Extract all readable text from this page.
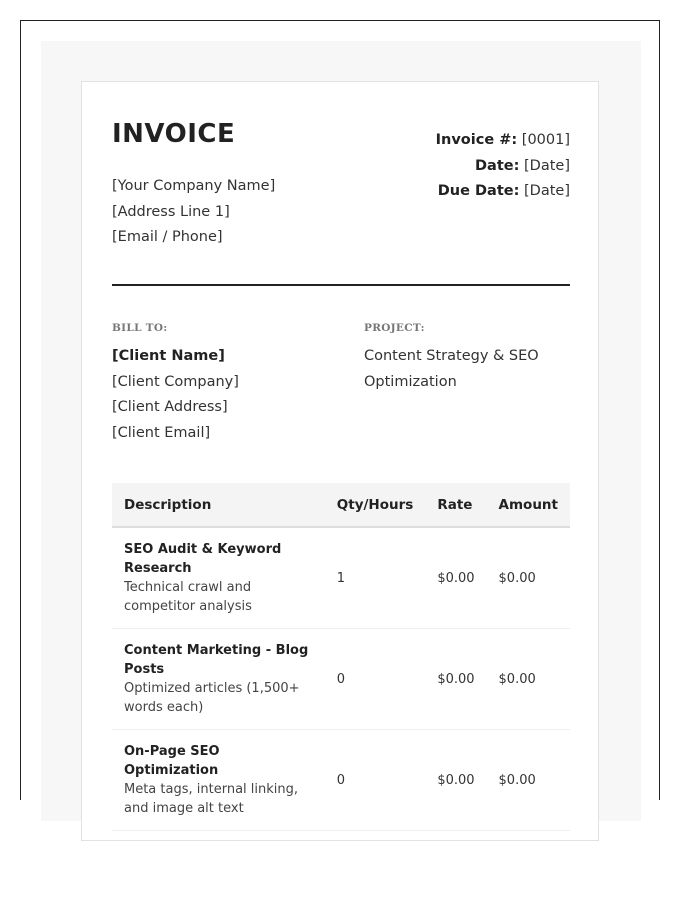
INVOICE
[Your Company Name]
[Address Line 1]
[Email / Phone]
Invoice #: [0001]
Date: [Date]
Due Date: [Date]
BILL TO:
[Client Name]
[Client Company]
[Client Address]
[Client Email]
PROJECT:
Content Strategy & SEO Optimization
Description	Qty/Hours	Rate	Amount

SEO Audit & Keyword Research
Technical crawl and competitor analysis	1	$0.00	$0.00

Content Marketing - Blog Posts
Optimized articles (1,500+ words each)	0	$0.00	$0.00

On-Page SEO Optimization
Meta tags, internal linking, and image alt text	0	$0.00	$0.00
